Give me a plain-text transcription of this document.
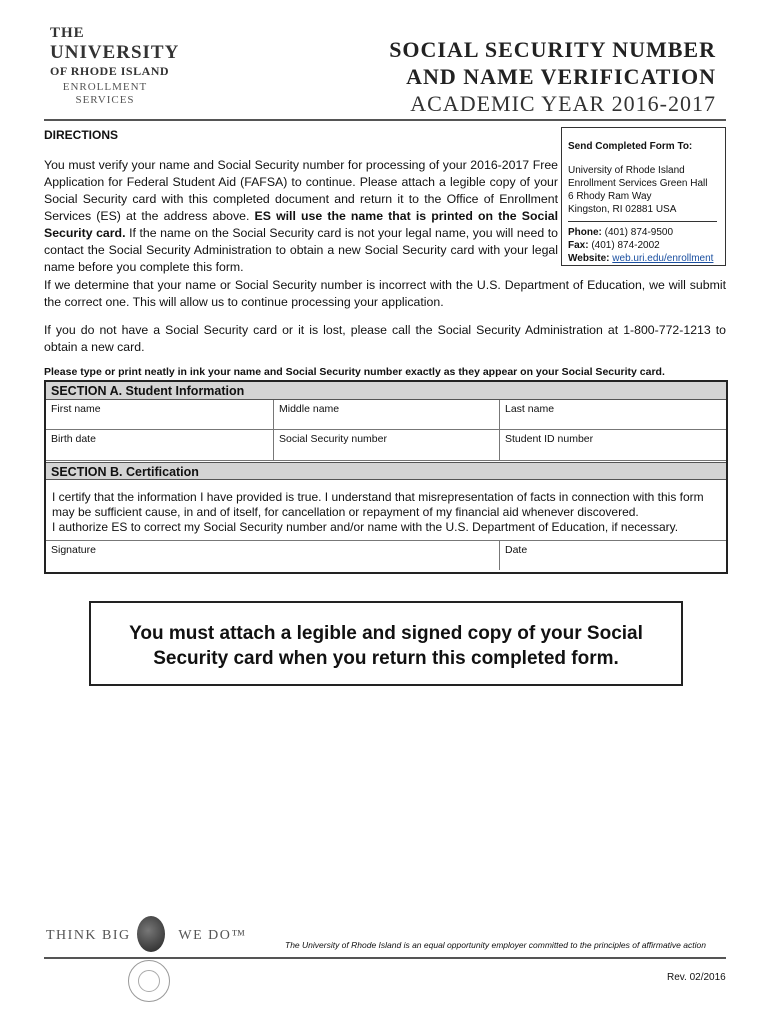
THE
UNIVERSITY
OF RHODE ISLAND
ENROLLMENT
SERVICES
SOCIAL SECURITY NUMBER
AND NAME VERIFICATION
ACADEMIC YEAR 2016-2017
DIRECTIONS
You must verify your name and Social Security number for processing of your 2016-2017 Free Application for Federal Student Aid (FAFSA) to continue. Please attach a legible copy of your Social Security card with this completed document and return it to the Office of Enrollment Services (ES) at the address above. ES will use the name that is printed on the Social Security card. If the name on the Social Security card is not your legal name, you will need to contact the Social Security Administration to obtain a new Social Security card with your legal name before you complete this form.
Send Completed Form To:
University of Rhode Island
Enrollment Services Green Hall
6 Rhody Ram Way
Kingston, RI 02881 USA
Phone: (401) 874-9500
Fax: (401) 874-2002
Website: web.uri.edu/enrollment
If we determine that your name or Social Security number is incorrect with the U.S. Department of Education, we will submit the correct one. This will allow us to continue processing your application.
If you do not have a Social Security card or it is lost, please call the Social Security Administration at 1-800-772-1213 to obtain a new card.
Please type or print neatly in ink your name and Social Security number exactly as they appear on your Social Security card.
SECTION A. Student Information
First name	Middle name	Last name
Birth date	Social Security number	Student ID number
SECTION B. Certification
I certify that the information I have provided is true. I understand that misrepresentation of facts in connection with this form may be sufficient cause, in and of itself, for cancellation or repayment of my financial aid whenever discovered.
I authorize ES to correct my Social Security number and/or name with the U.S. Department of Education, if necessary.
Signature	Date
You must attach a legible and signed copy of your Social Security card when you return this completed form.
THINK BIG	WE DO™
The University of Rhode Island is an equal opportunity employer committed to the principles of affirmative action
Rev. 02/2016
